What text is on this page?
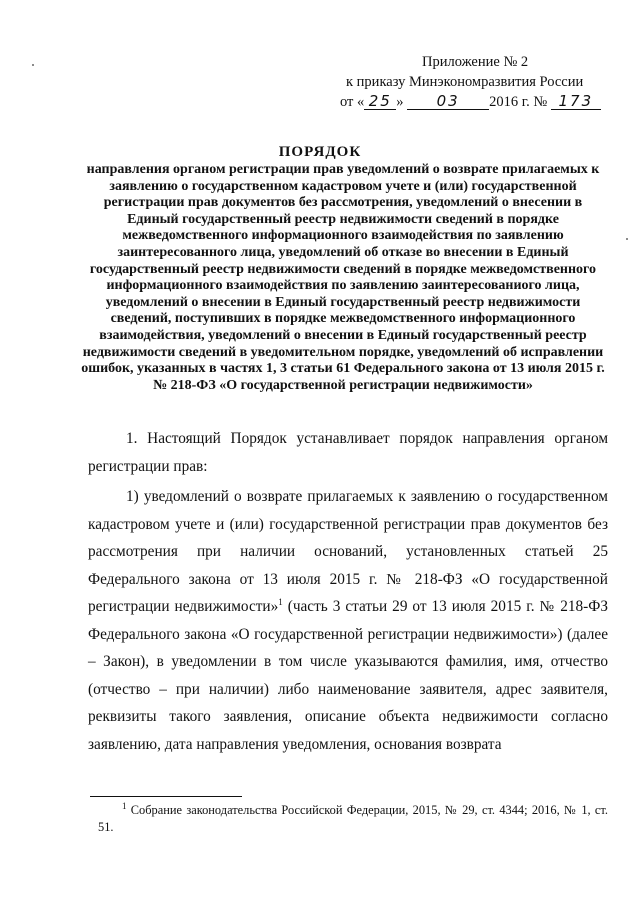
Приложение № 2
к приказу Минэкономразвития России
от « 25 » 03 2016 г. № 173
ПОРЯДОК
направления органом регистрации прав уведомлений о возврате прилагаемых к заявлению о государственном кадастровом учете и (или) государственной регистрации прав документов без рассмотрения, уведомлений о внесении в Единый государственный реестр недвижимости сведений в порядке межведомственного информационного взаимодействия по заявлению заинтересованного лица, уведомлений об отказе во внесении в Единый государственный реестр недвижимости сведений в порядке межведомственного информационного взаимодействия по заявлению заинтересованиого лица, уведомлений о внесении в Единый государственный реестр недвижимости сведений, поступивших в порядке межведомственного информационного взаимодействия, уведомлений о внесении в Единый государственный реестр недвижимости сведений в уведомительном порядке, уведомлений об исправлении ошибок, указанных в частях 1, 3 статьи 61 Федерального закона от 13 июля 2015 г. № 218-ФЗ «О государственной регистрации недвижимости»

1. Настоящий Порядок устанавливает порядок направления органом регистрации прав:

1) уведомлений о возврате прилагаемых к заявлению о государственном кадастровом учете и (или) государственной регистрации прав документов без рассмотрения при наличии оснований, установленных статьей 25 Федерального закона от 13 июля 2015 г. № 218-ФЗ «О государственной регистрации недвижимости»$^1$ (часть 3 статьи 29 от 13 июля 2015 г. № 218-ФЗ Федерального закона «О государственной регистрации недвижимости») (далее – Закон), в уведомлении в том числе указываются фамилия, имя, отчество (отчество – при наличии) либо наименование заявителя, адрес заявителя, реквизиты такого заявления, описание объекта недвижимости согласно заявлению, дата направления уведомления, основания возврата

$^1$ Собрание законодательства Российской Федерации, 2015, № 29, ст. 4344; 2016, № 1, ст. 51.
